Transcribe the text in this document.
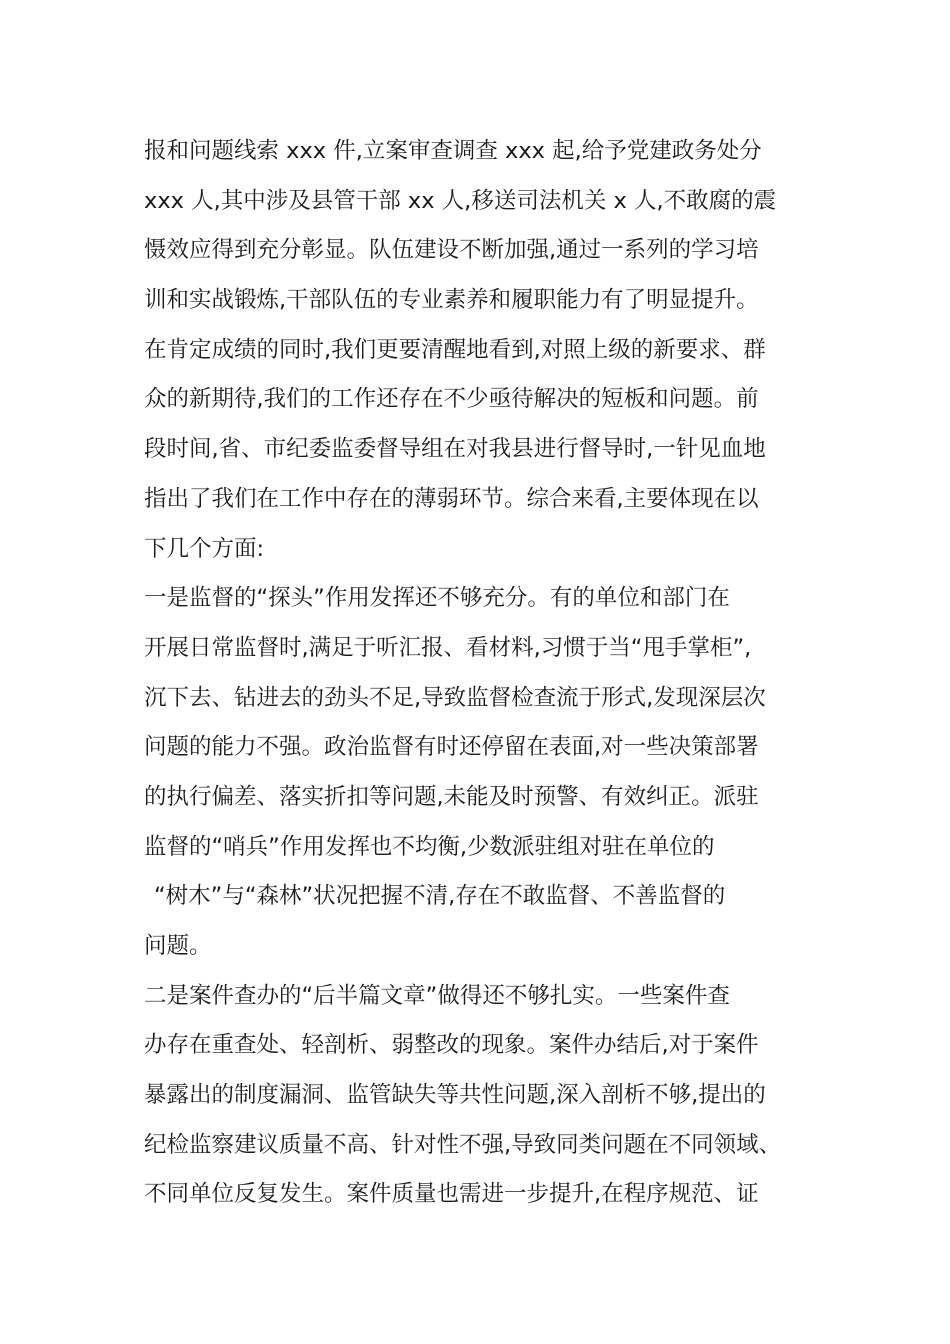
报和问题线索 xxx 件,立案审查调查 xxx 起,给予党建政务处分
xxx 人,其中涉及县管干部 xx 人,移送司法机关 x 人,不敢腐的震
慑效应得到充分彰显。队伍建设不断加强,通过一系列的学习培
训和实战锻炼,干部队伍的专业素养和履职能力有了明显提升。
在肯定成绩的同时,我们更要清醒地看到,对照上级的新要求、群
众的新期待,我们的工作还存在不少亟待解决的短板和问题。前
段时间,省、市纪委监委督导组在对我县进行督导时,一针见血地
指出了我们在工作中存在的薄弱环节。综合来看,主要体现在以
下几个方面:
一是监督的“探头”作用发挥还不够充分。有的单位和部门在
开展日常监督时,满足于听汇报、看材料,习惯于当“甩手掌柜”,
沉下去、钻进去的劲头不足,导致监督检查流于形式,发现深层次
问题的能力不强。政治监督有时还停留在表面,对一些决策部署
的执行偏差、落实折扣等问题,未能及时预警、有效纠正。派驻
监督的“哨兵”作用发挥也不均衡,少数派驻组对驻在单位的
“树木”与“森林”状况把握不清,存在不敢监督、不善监督的
问题。
二是案件查办的“后半篇文章”做得还不够扎实。一些案件查
办存在重查处、轻剖析、弱整改的现象。案件办结后,对于案件
暴露出的制度漏洞、监管缺失等共性问题,深入剖析不够,提出的
纪检监察建议质量不高、针对性不强,导致同类问题在不同领域、
不同单位反复发生。案件质量也需进一步提升,在程序规范、证
